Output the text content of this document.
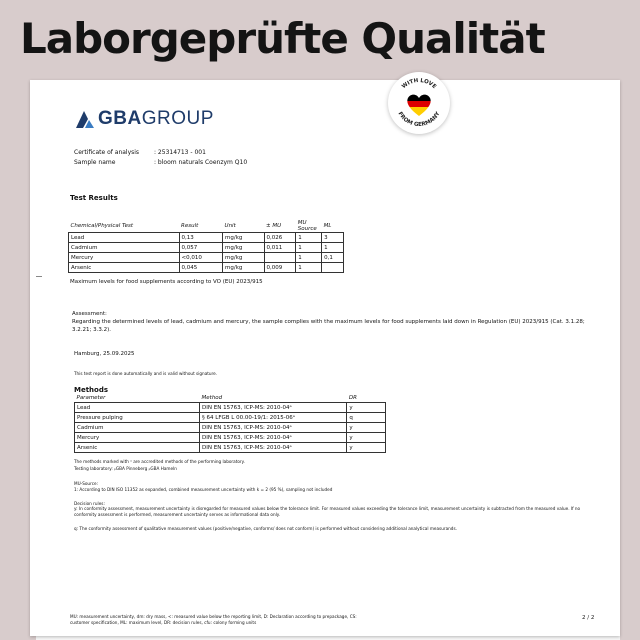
Laborgeprüfte Qualität
GBAGROUP
Certificate of analysis : 25314713 - 001
Sample name	: bloom naturals Coenzym Q10
Test Results
Chemical/Physical Test	Result	Unit	± MU	MU Source	ML
Lead	0,13	mg/kg	0,026	1	3
Cadmium	0,057	mg/kg	0,011	1	1
Mercury	<0,010	mg/kg		1	0,1
Arsenic	0,045	mg/kg	0,009	1	
Maximum levels for food supplements according to VO (EU) 2023/915
Assessment:
Regarding the determined levels of lead, cadmium and mercury, the sample complies with the maximum levels for food supplements laid down in Regulation (EU) 2023/915 (Cat. 3.1.28; 3.2.21; 3.3.2).
Hamburg, 25.09.2025
This test report is done automatically and is valid without signature.
Methods
Parameter	Method	DR
Lead	DIN EN 15763, ICP-MS: 2010-04ᵃ	y
Pressure pulping	§ 64 LFGB L 00.00-19/1: 2015-06ᵃ	q
Cadmium	DIN EN 15763, ICP-MS: 2010-04ᵃ	y
Mercury	DIN EN 15763, ICP-MS: 2010-04ᵃ	y
Arsenic	DIN EN 15763, ICP-MS: 2010-04ᵃ	y
The methods marked with ᵃ are accredited methods of the performing laboratory.
Testing laboratory: ₚGBA Pinneberg ₚGBA Hameln
MU-Source:
1: According to DIN ISO 11352 as expanded, combined measurement uncertainty with k = 2 (95 %), sampling not included
Decision rules:
y: In conformity assessment, measurement uncertainty is disregarded for measured values below the tolerance limit. For measured values exceeding the tolerance limit, measurement uncertainty is subtracted from the measured value. If no conformity assessment is performed, measurement uncertainty serves as informational data only.
q: The conformity assessment of qualitative measurement values (positive/negative, conforms/ does not conform) is performed without considering additional analytical measurands.
MU: measurement uncertainty, dm: dry mass, <: measured value below the reporting limit, D: Declaration according to prepackage, CS: customer specification, ML: maximum level, DR: decision rules, cfu: colony forming units
2 / 2
WITH LOVE
FROM GERMANY
